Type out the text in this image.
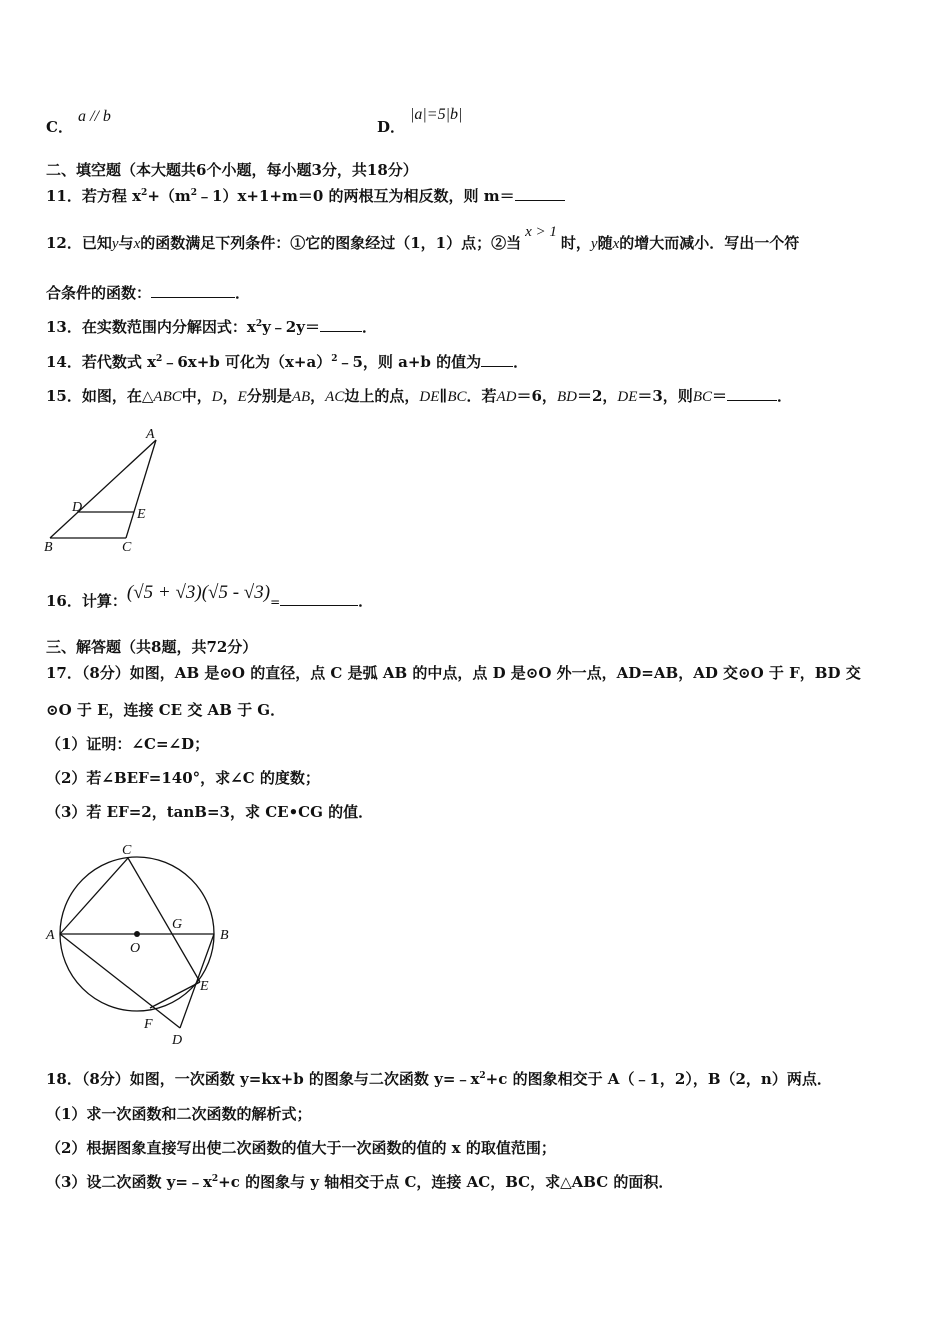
C．
a // b
D．
|a|=5|b|
二、填空题（本大题共6个小题，每小题3分，共18分）
11．若方程 $x^2+(m^2﹣1)x+1+m=0$ 的两根互为相反数，则 m＝
12．已知y与x的函数满足下列条件：①它的图象经过（1，1）点；②当x > 1时，y随x的增大而减小．写出一个符
合条件的函数：	．
13．在实数范围内分解因式：$x^2y﹣2y=$	．
14．若代数式 $x^2﹣6x+b$ 可化为$(x+a)^2﹣5$，则 a+b 的值为 ．
15．如图，在△ABC中，D，E分别是AB，AC边上的点，DE∥BC．若AD＝6，BD＝2，DE＝3，则BC＝	．
A
D	E
B	C
16．计算：(√5 + √3)(√5 - √3)=	．
三、解答题（共8题，共72分）
17．（8分）如图，AB 是⊙O 的直径，点 C 是弧 AB 的中点，点 D 是⊙O 外一点，AD=AB，AD 交⊙O 于 F，BD 交
⊙O 于 E，连接 CE 交 AB 于 G．
（1）证明：∠C=∠D；
（2）若∠BEF=140°，求∠C 的度数；
（3）若 EF=2，tanB=3，求 CE•CG 的值．
C
A	B
O
G
E
F
D
18．（8分）如图，一次函数 y=kx+b 的图象与二次函数 $y=﹣x^2+c$ 的图象相交于 A（﹣1，2），B（2，n）两点．
（1）求一次函数和二次函数的解析式；
（2）根据图象直接写出使二次函数的值大于一次函数的值的 x 的取值范围；
（3）设二次函数 $y=﹣x^2+c$ 的图象与 y 轴相交于点 C，连接 AC，BC，求△ABC 的面积．
